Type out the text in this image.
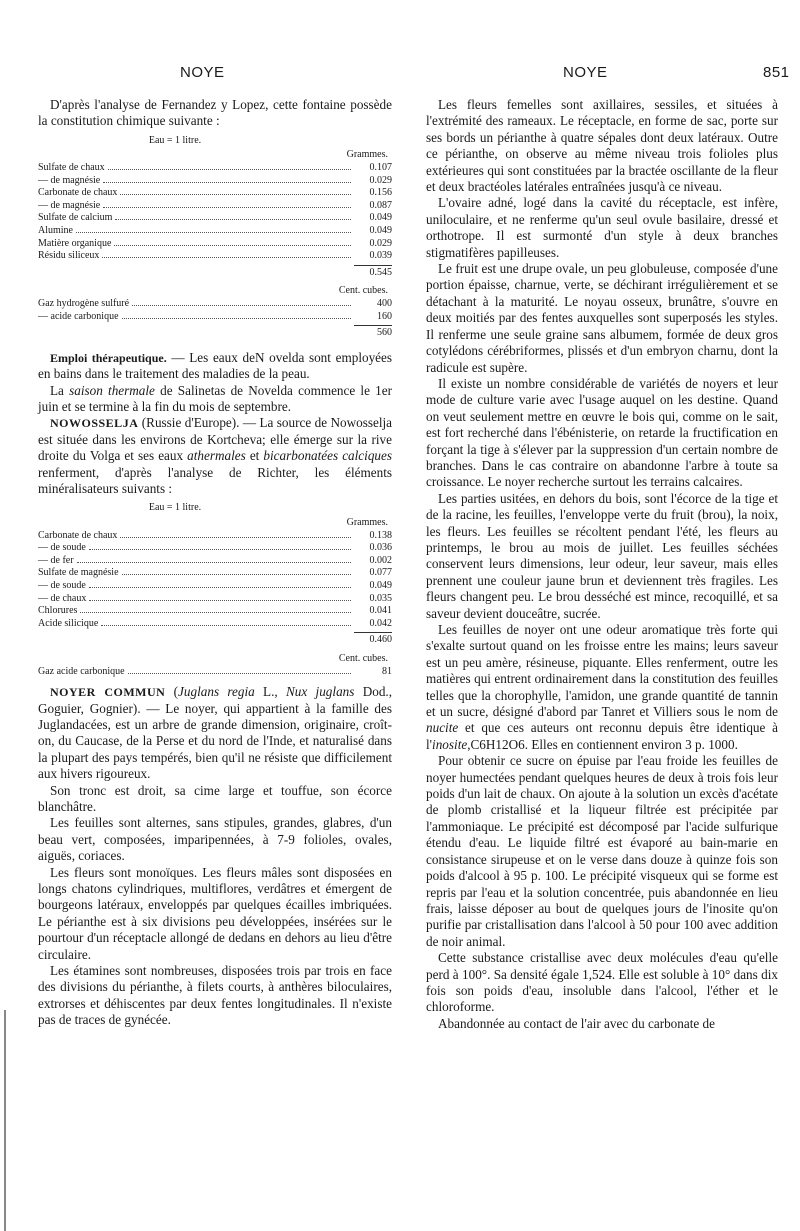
NOYE	NOYE	851

D'après l'analyse de Fernandez y Lopez, cette fontaine possède la constitution chimique suivante :

Eau = 1 litre.
Grammes.
Sulfate de chaux	0.107
— de magnésie	0.029
Carbonate de chaux	0.156
— de magnésie	0.087
Sulfate de calcium	0.049
Alumine	0.049
Matière organique	0.029
Résidu siliceux	0.039
0.545
Cent. cubes.
Gaz hydrogène sulfuré	400
— acide carbonique	160
560

Emploi thérapeutique. — Les eaux deN ovelda sont employées en bains dans le traitement des maladies de la peau.

La saison thermale de Salinetas de Novelda commence le 1er juin et se termine à la fin du mois de septembre.

NOWOSSELJA (Russie d'Europe). — La source de Nowosselja est située dans les environs de Kortcheva; elle émerge sur la rive droite du Volga et ses eaux athermales et bicarbonatées calciques renferment, d'après l'analyse de Richter, les éléments minéralisateurs suivants :

Eau = 1 litre.
Grammes.
Carbonate de chaux	0.138
— de soude	0.036
— de fer	0.002
Sulfate de magnésie	0.077
— de soude	0.049
— de chaux	0.035
Chlorures	0.041
Acide silicique	0.042
0.460
Cent. cubes.
Gaz acide carbonique	81

NOYER COMMUN (Juglans regia L., Nux juglans Dod., Goguier, Gognier). — Le noyer, qui appartient à la famille des Juglandacées, est un arbre de grande dimension, originaire, croît-on, du Caucase, de la Perse et du nord de l'Inde, et naturalisé dans la plupart des pays tempérés, bien qu'il ne résiste que difficilement aux hivers rigoureux.

Son tronc est droit, sa cime large et touffue, son écorce blanchâtre.

Les feuilles sont alternes, sans stipules, grandes, glabres, d'un beau vert, composées, imparipennées, à 7-9 folioles, ovales, aiguës, coriaces.

Les fleurs sont monoïques. Les fleurs mâles sont disposées en longs chatons cylindriques, multiflores, verdâtres et émergent de bourgeons latéraux, enveloppés par quelques écailles imbriquées. Le périanthe est à six divisions peu développées, insérées sur le pourtour d'un réceptacle allongé de dedans en dehors au lieu d'être circulaire.

Les étamines sont nombreuses, disposées trois par trois en face des divisions du périanthe, à filets courts, à anthères biloculaires, extrorses et déhiscentes par deux fentes longitudinales. Il n'existe pas de traces de gynécée.

Les fleurs femelles sont axillaires, sessiles, et situées à l'extrémité des rameaux. Le réceptacle, en forme de sac, porte sur ses bords un périanthe à quatre sépales dont deux latéraux. Outre ce périanthe, on observe au même niveau trois folioles plus extérieures qui sont constituées par la bractée oscillante de la fleur et deux bractéoles latérales entraînées jusqu'à ce niveau.

L'ovaire adné, logé dans la cavité du réceptacle, est infère, uniloculaire, et ne renferme qu'un seul ovule basilaire, dressé et orthotrope. Il est surmonté d'un style à deux branches stigmatifères papilleuses.

Le fruit est une drupe ovale, un peu globuleuse, composée d'une portion épaisse, charnue, verte, se déchirant irrégulièrement et se détachant à la maturité. Le noyau osseux, brunâtre, s'ouvre en deux moitiés par des fentes auxquelles sont superposés les styles. Il renferme une seule graine sans albumem, formée de deux gros cotylédons cérébriformes, plissés et d'un embryon charnu, dont la radicule est supère.

Il existe un nombre considérable de variétés de noyers et leur mode de culture varie avec l'usage auquel on les destine. Quand on veut seulement mettre en œuvre le bois qui, comme on le sait, est fort recherché dans l'ébénisterie, on retarde la fructification en forçant la tige à s'élever par la suppression d'un certain nombre de branches. Dans le cas contraire on abandonne l'arbre à toute sa croissance. Le noyer recherche surtout les terrains calcaires.

Les parties usitées, en dehors du bois, sont l'écorce de la tige et de la racine, les feuilles, l'enveloppe verte du fruit (brou), la noix, les fleurs. Les feuilles se récoltent pendant l'été, les fleurs au printemps, le brou au mois de juillet. Les feuilles séchées conservent leurs dimensions, leur odeur, leur saveur, mais elles prennent une couleur jaune brun et deviennent très fragiles. Les fleurs changent peu. Le brou desséché est mince, recoquillé, et sa saveur devient douceâtre, sucrée.

Les feuilles de noyer ont une odeur aromatique très forte qui s'exalte surtout quand on les froisse entre les mains; leurs saveur est un peu amère, résineuse, piquante. Elles renferment, outre les matières qui entrent ordinairement dans la constitution des feuilles telles que la chorophylle, l'amidon, une grande quantité de tannin et un sucre, désigné d'abord par Tanret et Villiers sous le nom de nucite et que ces auteurs ont reconnu depuis être identique à l'inosite,C6H12O6. Elles en contiennent environ 3 p. 1000.

Pour obtenir ce sucre on épuise par l'eau froide les feuilles de noyer humectées pendant quelques heures de deux à trois fois leur poids d'un lait de chaux. On ajoute à la solution un excès d'acétate de plomb cristallisé et la liqueur filtrée est précipitée par l'ammoniaque. Le précipité est décomposé par l'acide sulfurique étendu d'eau. Le liquide filtré est évaporé au bain-marie en consistance sirupeuse et on le verse dans douze à quinze fois son poids d'alcool à 95 p. 100. Le précipité visqueux qui se forme est repris par l'eau et la solution concentrée, puis abandonnée en lieu frais, laisse déposer au bout de quelques jours de l'inosite qu'on purifie par cristallisation dans l'alcool à 50 pour 100 avec addition de noir animal.

Cette substance cristallise avec deux molécules d'eau qu'elle perd à 100°. Sa densité égale 1,524. Elle est soluble à 10° dans dix fois son poids d'eau, insoluble dans l'alcool, l'éther et le chloroforme.

Abandonnée au contact de l'air avec du carbonate de
